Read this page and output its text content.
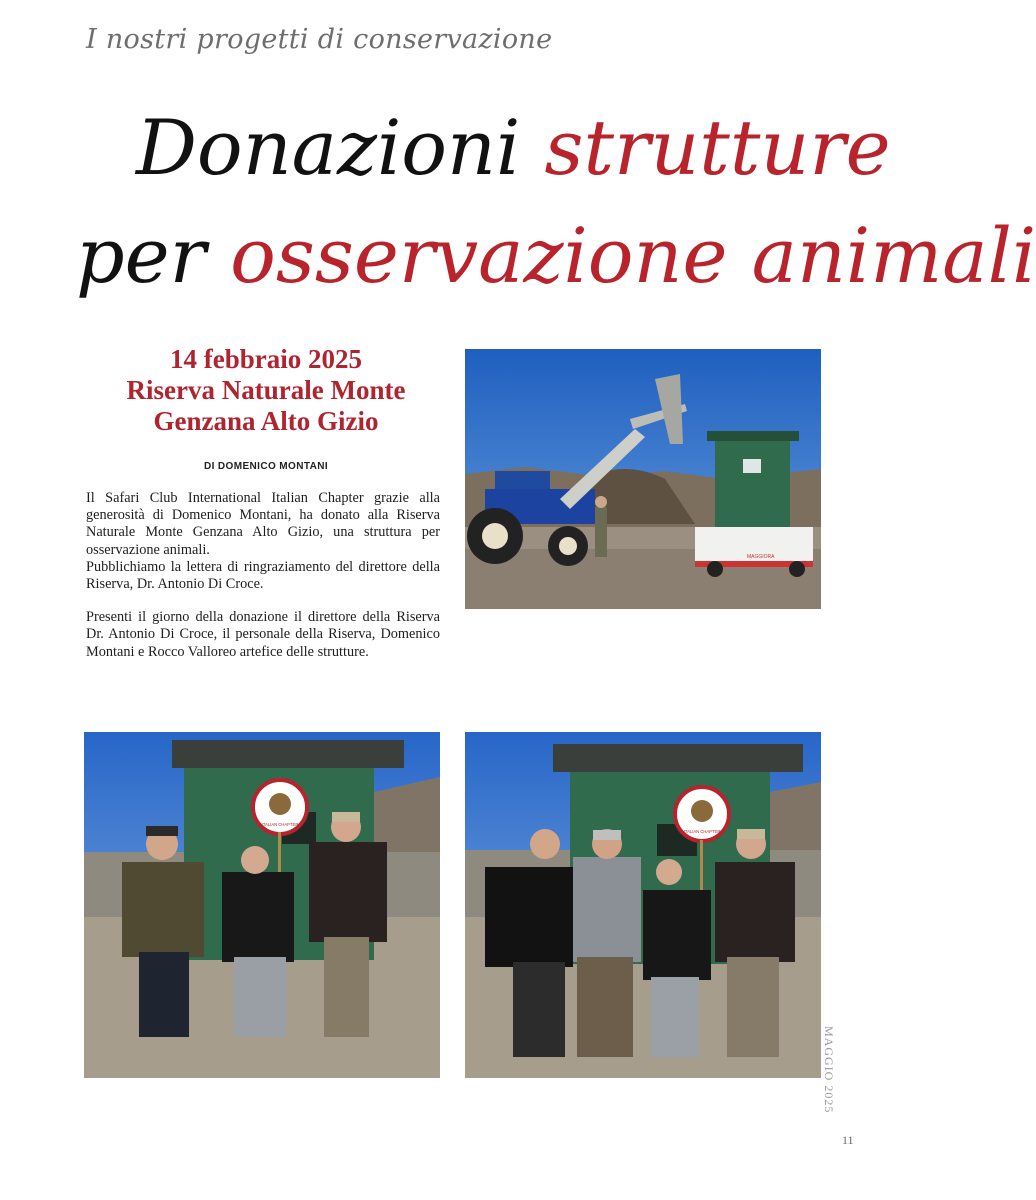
I nostri progetti di conservazione
Donazioni strutture
per osservazione animali
14 febbraio 2025
Riserva Naturale Monte
Genzana Alto Gizio
DI DOMENICO MONTANI

Il Safari Club International Italian Chapter grazie alla generosità di Domenico Montani, ha donato alla Riserva Naturale Monte Genzana Alto Gizio, una struttura per osservazione animali.

Pubblichiamo la lettera di ringraziamento del direttore della Riserva, Dr. Antonio Di Croce.

Presenti il giorno della donazione il direttore della Riserva Dr. Antonio Di Croce, il personale della Riserva, Domenico Montani e Rocco Valloreo artefice delle strutture.

MAGGIORA
ITALIAN CHAPTER
ITALIAN CHAPTER
MAGGIO 2025
11
